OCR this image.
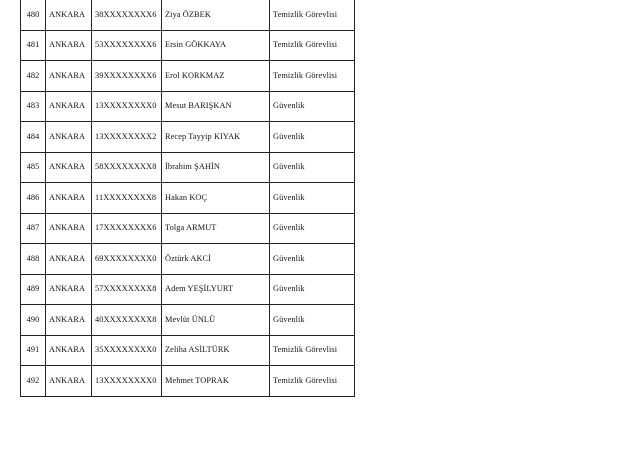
480	ANKARA	38XXXXXXXX6	Ziya ÖZBEK	Temizlik Görevlisi
481	ANKARA	53XXXXXXXX6	Ersin GÖKKAYA	Temizlik Görevlisi
482	ANKARA	39XXXXXXXX6	Erol KORKMAZ	Temizlik Görevlisi
483	ANKARA	13XXXXXXXX0	Mesut BARIŞKAN	Güvenlik
484	ANKARA	13XXXXXXXX2	Recep Tayyip KIYAK	Güvenlik
485	ANKARA	58XXXXXXXX8	İbrahim ŞAHİN	Güvenlik
486	ANKARA	11XXXXXXXX8	Hakan KOÇ	Güvenlik
487	ANKARA	17XXXXXXXX6	Tolga ARMUT	Güvenlik
488	ANKARA	69XXXXXXXX0	Öztürk AKCİ	Güvenlik
489	ANKARA	57XXXXXXXX8	Adem YEŞİLYURT	Güvenlik
490	ANKARA	40XXXXXXXX8	Mevlüt ÜNLÜ	Güvenlik
491	ANKARA	35XXXXXXXX0	Zeliha ASİLTÜRK	Temizlik Görevlisi
492	ANKARA	13XXXXXXXX0	Mehmet TOPRAK	Temizlik Görevlisi
